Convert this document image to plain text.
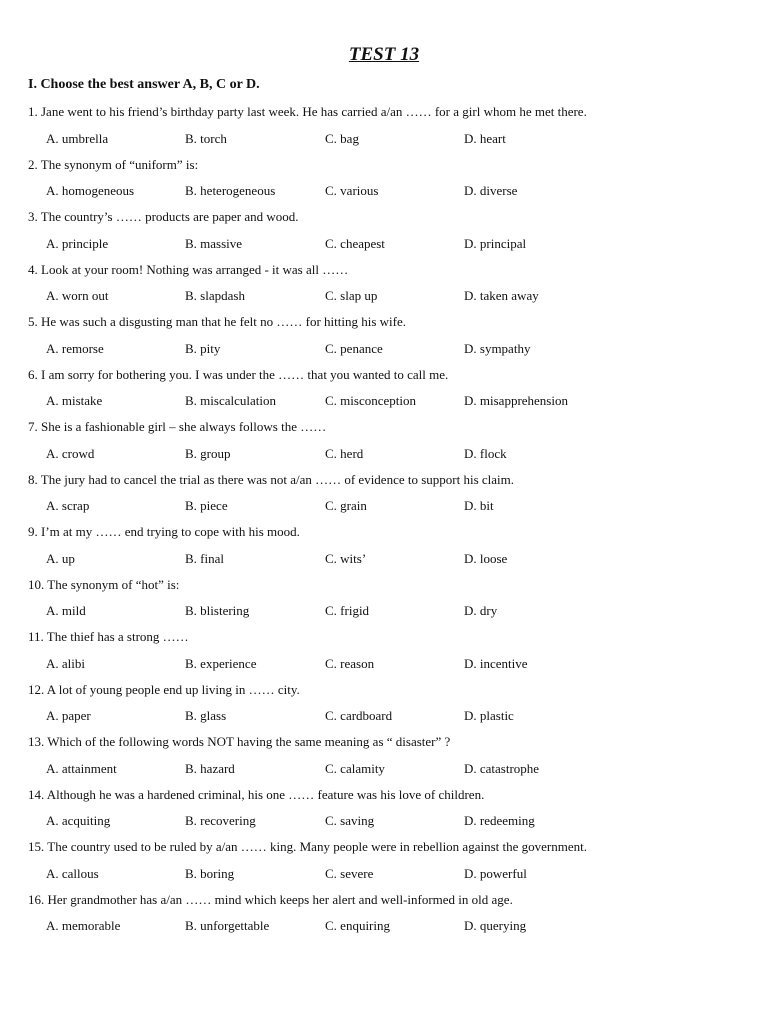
TEST 13

I. Choose the best answer A, B, C or D.

1. Jane went to his friend’s birthday party last week. He has carried a/an …… for a girl whom he met there.
A. umbrella	B. torch	C. bag	D. heart
2. The synonym of “uniform” is:
A. homogeneous	B. heterogeneous	C. various	D. diverse
3. The country’s …… products are paper and wood.
A. principle	B. massive	C. cheapest	D. principal
4. Look at your room! Nothing was arranged - it was all ……
A. worn out	B. slapdash	C. slap up	D. taken away
5. He was such a disgusting man that he felt no …… for hitting his wife.
A. remorse	B. pity	C. penance	D. sympathy
6. I am sorry for bothering you. I was under the …… that you wanted to call me.
A. mistake	B. miscalculation	C. misconception	D. misapprehension
7. She is a fashionable girl – she always follows the ……
A. crowd	B. group	C. herd	D. flock
8. The jury had to cancel the trial as there was not a/an …… of evidence to support his claim.
A. scrap	B. piece	C. grain	D. bit
9. I’m at my …… end trying to cope with his mood.
A. up	B. final	C. wits’	D. loose
10. The synonym of “hot” is:
A. mild	B. blistering	C. frigid	D. dry
11. The thief has a strong ……
A. alibi	B. experience	C. reason	D. incentive
12. A lot of young people end up living in …… city.
A. paper	B. glass	C. cardboard	D. plastic
13. Which of the following words NOT having the same meaning as “ disaster” ?
A. attainment	B. hazard	C. calamity	D. catastrophe
14. Although he was a hardened criminal, his one …… feature was his love of children.
A. acquiting	B. recovering	C. saving	D. redeeming
15. The country used to be ruled by a/an …… king. Many people were in rebellion against the government.
A. callous	B. boring	C. severe	D. powerful
16. Her grandmother has a/an …… mind which keeps her alert and well-informed in old age.
A. memorable	B. unforgettable	C. enquiring	D. querying
